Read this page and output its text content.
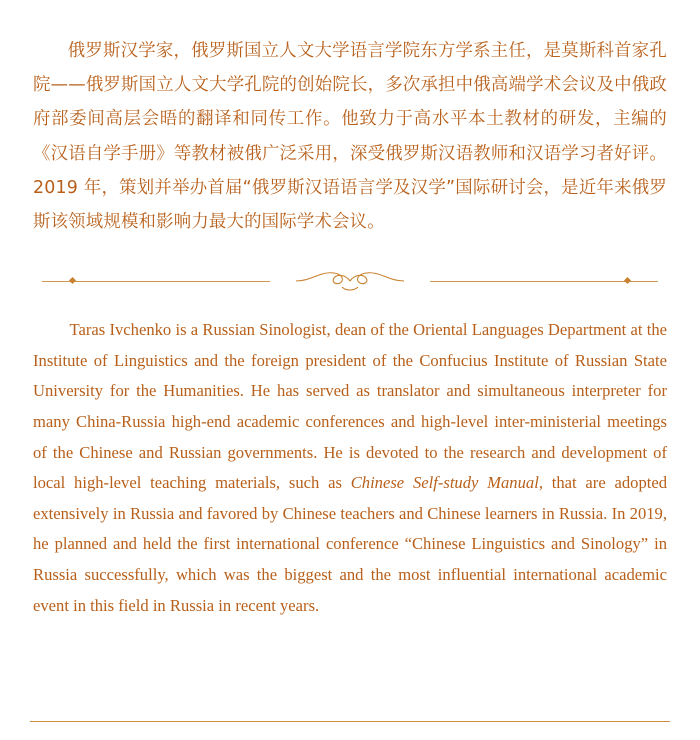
俄罗斯汉学家，俄罗斯国立人文大学语言学院东方学系主任，是莫斯科首家孔院——俄罗斯国立人文大学孔院的创始院长，多次承担中俄高端学术会议及中俄政府部委间高层会晤的翻译和同传工作。他致力于高水平本土教材的研发，主编的《汉语自学手册》等教材被俄广泛采用，深受俄罗斯汉语教师和汉语学习者好评。2019 年，策划并举办首届“俄罗斯汉语语言学及汉学”国际研讨会，是近年来俄罗斯该领域规模和影响力最大的国际学术会议。

Taras Ivchenko is a Russian Sinologist, dean of the Oriental Languages Department at the Institute of Linguistics and the foreign president of the Confucius Institute of Russian State University for the Humanities. He has served as translator and simultaneous interpreter for many China-Russia high-end academic conferences and high-level inter-ministerial meetings of the Chinese and Russian governments. He is devoted to the research and development of local high-level teaching materials, such as Chinese Self-study Manual, that are adopted extensively in Russia and favored by Chinese teachers and Chinese learners in Russia. In 2019, he planned and held the first international conference “Chinese Linguistics and Sinology” in Russia successfully, which was the biggest and the most influential international academic event in this field in Russia in recent years.
